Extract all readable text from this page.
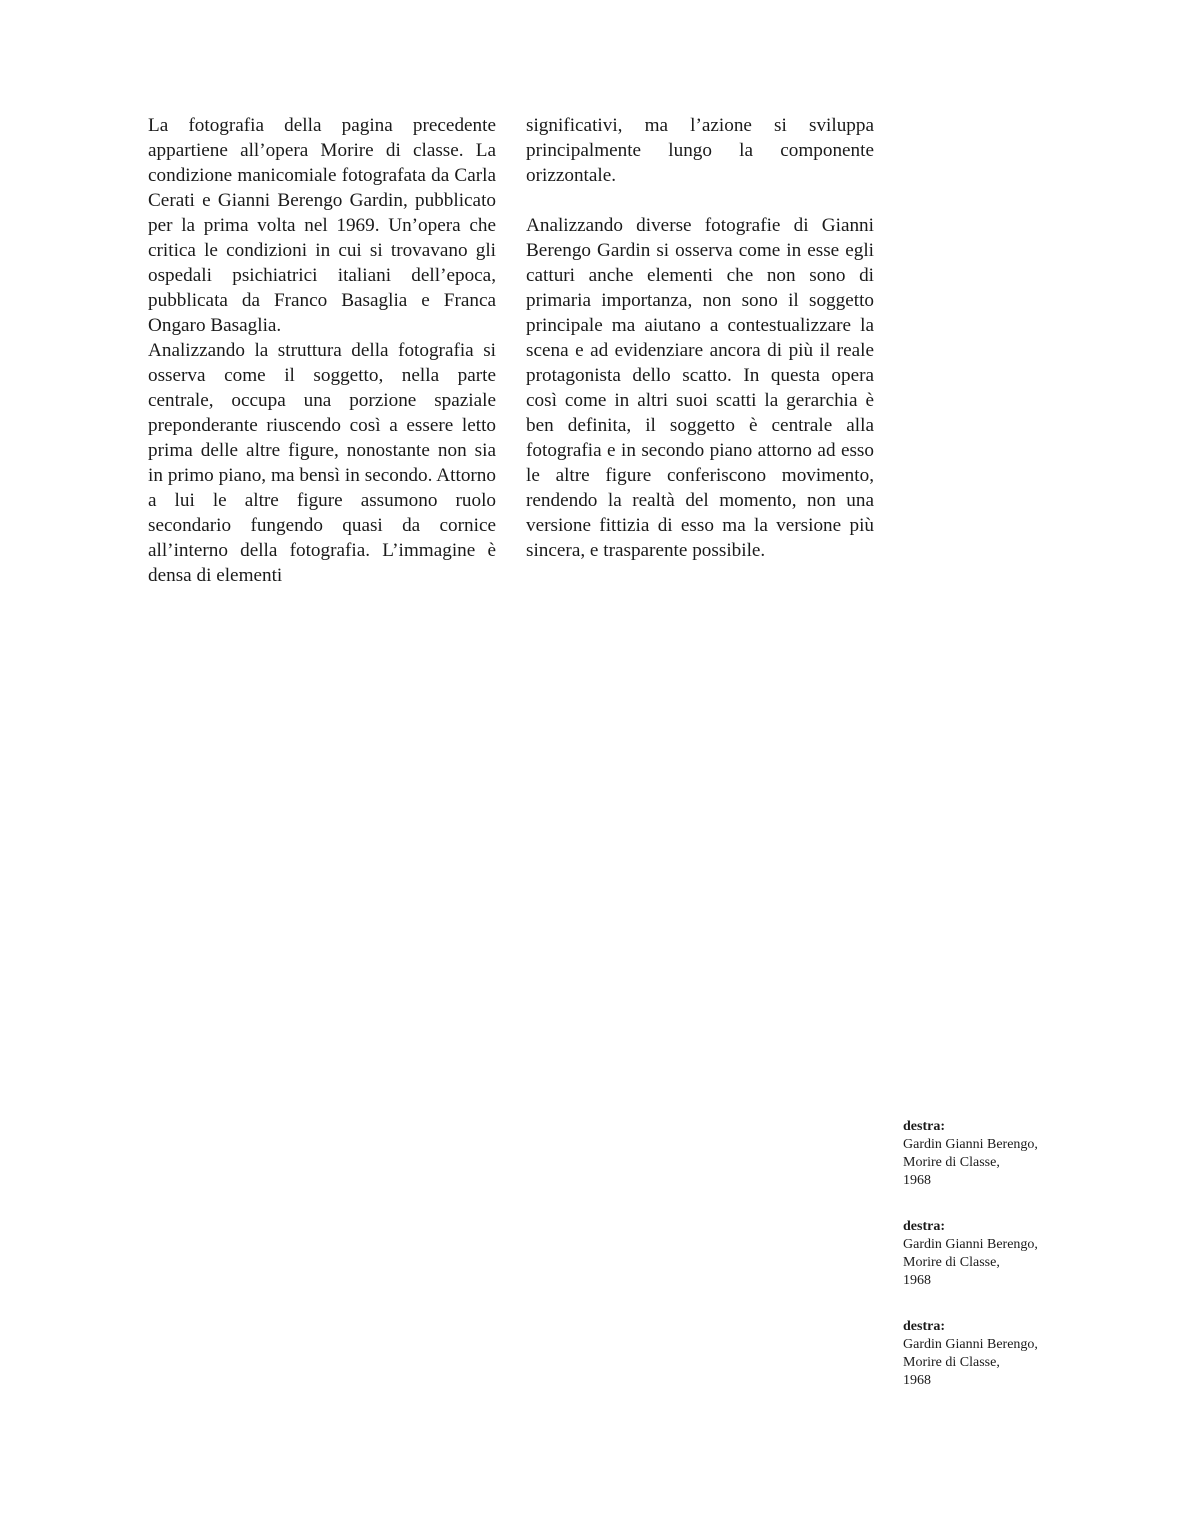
La fotografia della pagina precedente appartiene all’opera Morire di classe. La condizione manicomiale fotografata da Carla Cerati e Gianni Berengo Gardin, pubblicato per la prima volta nel 1969. Un’opera che critica le condizioni in cui si trovavano gli ospedali psichiatrici italiani dell’epoca, pubblicata da Franco Basaglia e Franca Ongaro Basaglia.

Analizzando la struttura della fotografia si osserva come il soggetto, nella parte centrale, occupa una porzione spaziale preponderante riuscendo così a essere letto prima delle altre figure, nonostante non sia in primo piano, ma bensì in secondo. Attorno a lui le altre figure assumono ruolo secondario fungendo quasi da cornice all’interno della fotografia. L’immagine è densa di elementi

significativi, ma l’azione si sviluppa principalmente lungo la componente orizzontale.

Analizzando diverse fotografie di Gianni Berengo Gardin si osserva come in esse egli catturi anche elementi che non sono di primaria importanza, non sono il soggetto principale ma aiutano a contestualizzare la scena e ad evidenziare ancora di più il reale protagonista dello scatto. In questa opera così come in altri suoi scatti la gerarchia è ben definita, il soggetto è centrale alla fotografia e in secondo piano attorno ad esso le altre figure conferiscono movimento, rendendo la realtà del momento, non una versione fittizia di esso ma la versione più sincera, e trasparente possibile.

destra:
Gardin Gianni Berengo,
Morire di Classe,
1968
destra:
Gardin Gianni Berengo,
Morire di Classe,
1968
destra:
Gardin Gianni Berengo,
Morire di Classe,
1968
